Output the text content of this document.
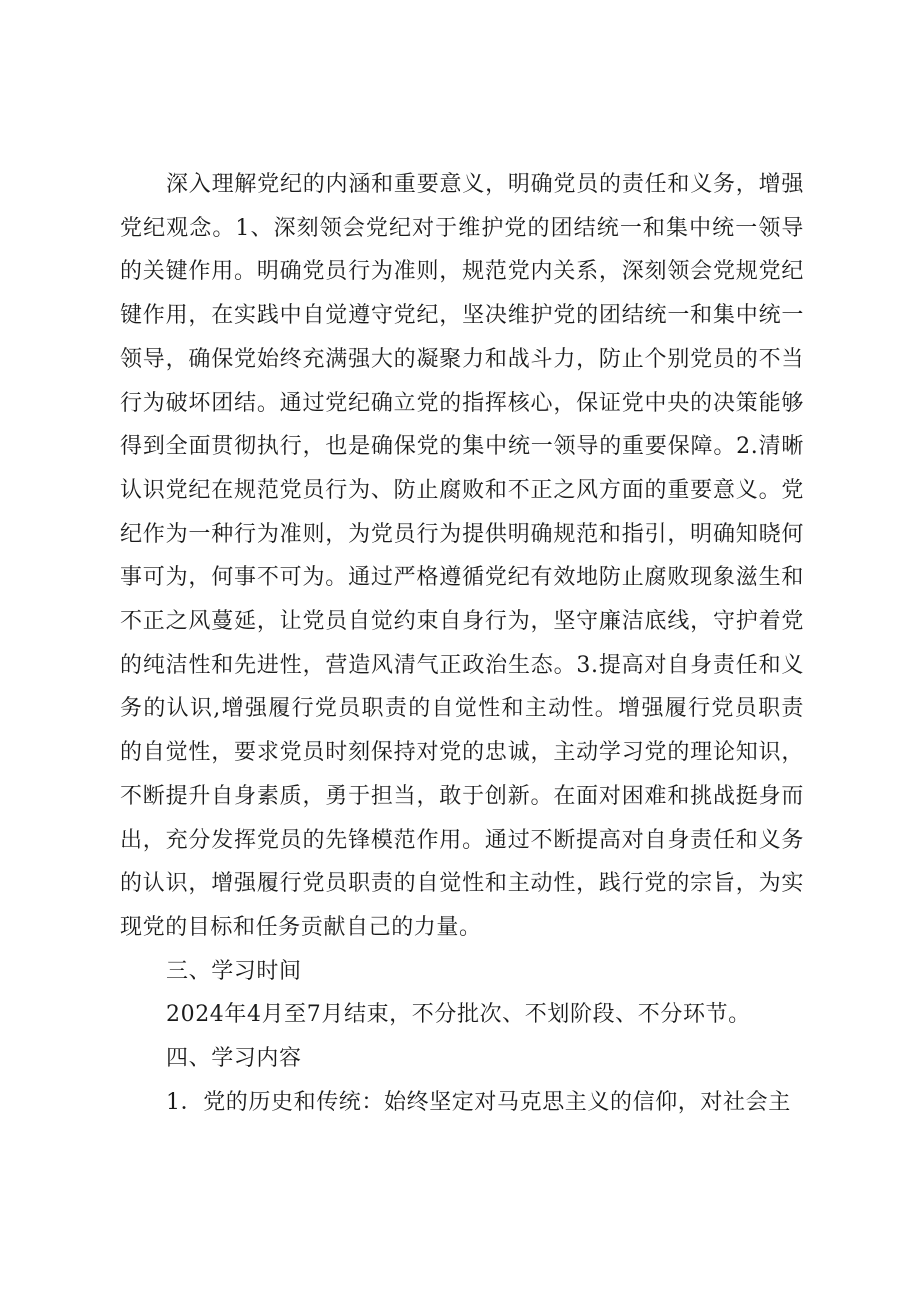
深入理解党纪的内涵和重要意义，明确党员的责任和义务，增强党纪观念。1、深刻领会党纪对于维护党的团结统一和集中统一领导的关键作用。明确党员行为准则，规范党内关系，深刻领会党规党纪键作用，在实践中自觉遵守党纪，坚决维护党的团结统一和集中统一领导，确保党始终充满强大的凝聚力和战斗力，防止个别党员的不当行为破坏团结。通过党纪确立党的指挥核心，保证党中央的决策能够得到全面贯彻执行，也是确保党的集中统一领导的重要保障。2.清晰认识党纪在规范党员行为、防止腐败和不正之风方面的重要意义。党纪作为一种行为准则，为党员行为提供明确规范和指引，明确知晓何事可为，何事不可为。通过严格遵循党纪有效地防止腐败现象滋生和不正之风蔓延，让党员自觉约束自身行为，坚守廉洁底线，守护着党的纯洁性和先进性，营造风清气正政治生态。3.提高对自身责任和义务的认识,增强履行党员职责的自觉性和主动性。增强履行党员职责的自觉性，要求党员时刻保持对党的忠诚，主动学习党的理论知识，不断提升自身素质，勇于担当，敢于创新。在面对困难和挑战挺身而出，充分发挥党员的先锋模范作用。通过不断提高对自身责任和义务的认识，增强履行党员职责的自觉性和主动性，践行党的宗旨，为实现党的目标和任务贡献自己的力量。

三、学习时间

2024年4月至7月结束，不分批次、不划阶段、不分环节。

四、学习内容

1．党的历史和传统：始终坚定对马克思主义的信仰，对社会主
